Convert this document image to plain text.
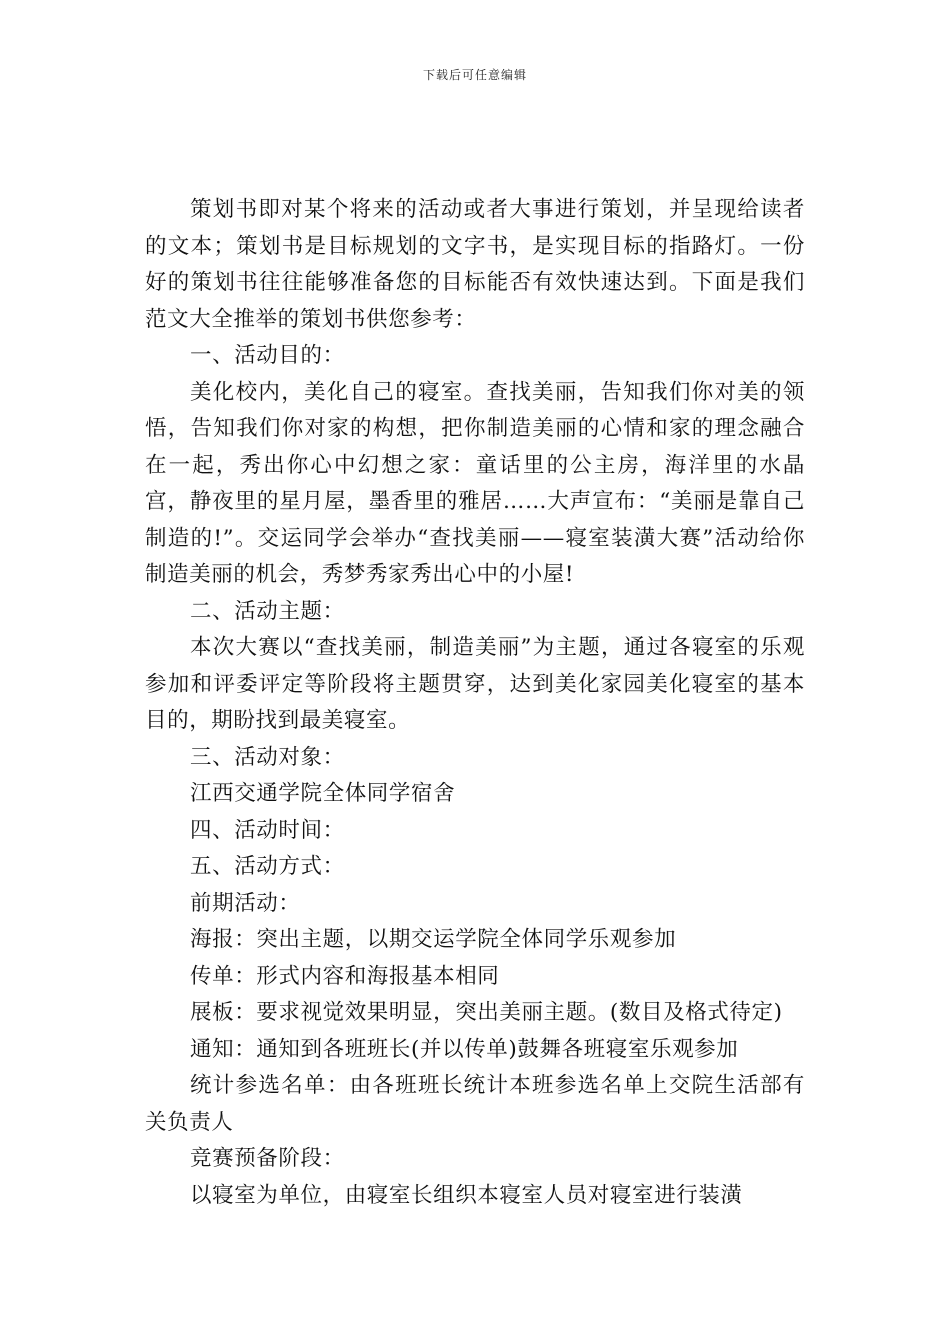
下载后可任意编辑

策划书即对某个将来的活动或者大事进行策划，并呈现给读者的文本；策划书是目标规划的文字书，是实现目标的指路灯。一份好的策划书往往能够准备您的目标能否有效快速达到。下面是我们范文大全推举的策划书供您参考：

一、活动目的：

美化校内，美化自己的寝室。查找美丽，告知我们你对美的领悟，告知我们你对家的构想，把你制造美丽的心情和家的理念融合在一起，秀出你心中幻想之家：童话里的公主房，海洋里的水晶宫，静夜里的星月屋，墨香里的雅居……大声宣布：“美丽是靠自己制造的!”。交运同学会举办“查找美丽——寝室装潢大赛”活动给你制造美丽的机会，秀梦秀家秀出心中的小屋!

二、活动主题：

本次大赛以“查找美丽，制造美丽”为主题，通过各寝室的乐观参加和评委评定等阶段将主题贯穿，达到美化家园美化寝室的基本目的，期盼找到最美寝室。

三、活动对象：

江西交通学院全体同学宿舍

四、活动时间：

五、活动方式：

前期活动：

海报：突出主题，以期交运学院全体同学乐观参加

传单：形式内容和海报基本相同

展板：要求视觉效果明显，突出美丽主题。(数目及格式待定)

通知：通知到各班班长(并以传单)鼓舞各班寝室乐观参加

统计参选名单：由各班班长统计本班参选名单上交院生活部有关负责人

竞赛预备阶段：

以寝室为单位，由寝室长组织本寝室人员对寝室进行装潢
